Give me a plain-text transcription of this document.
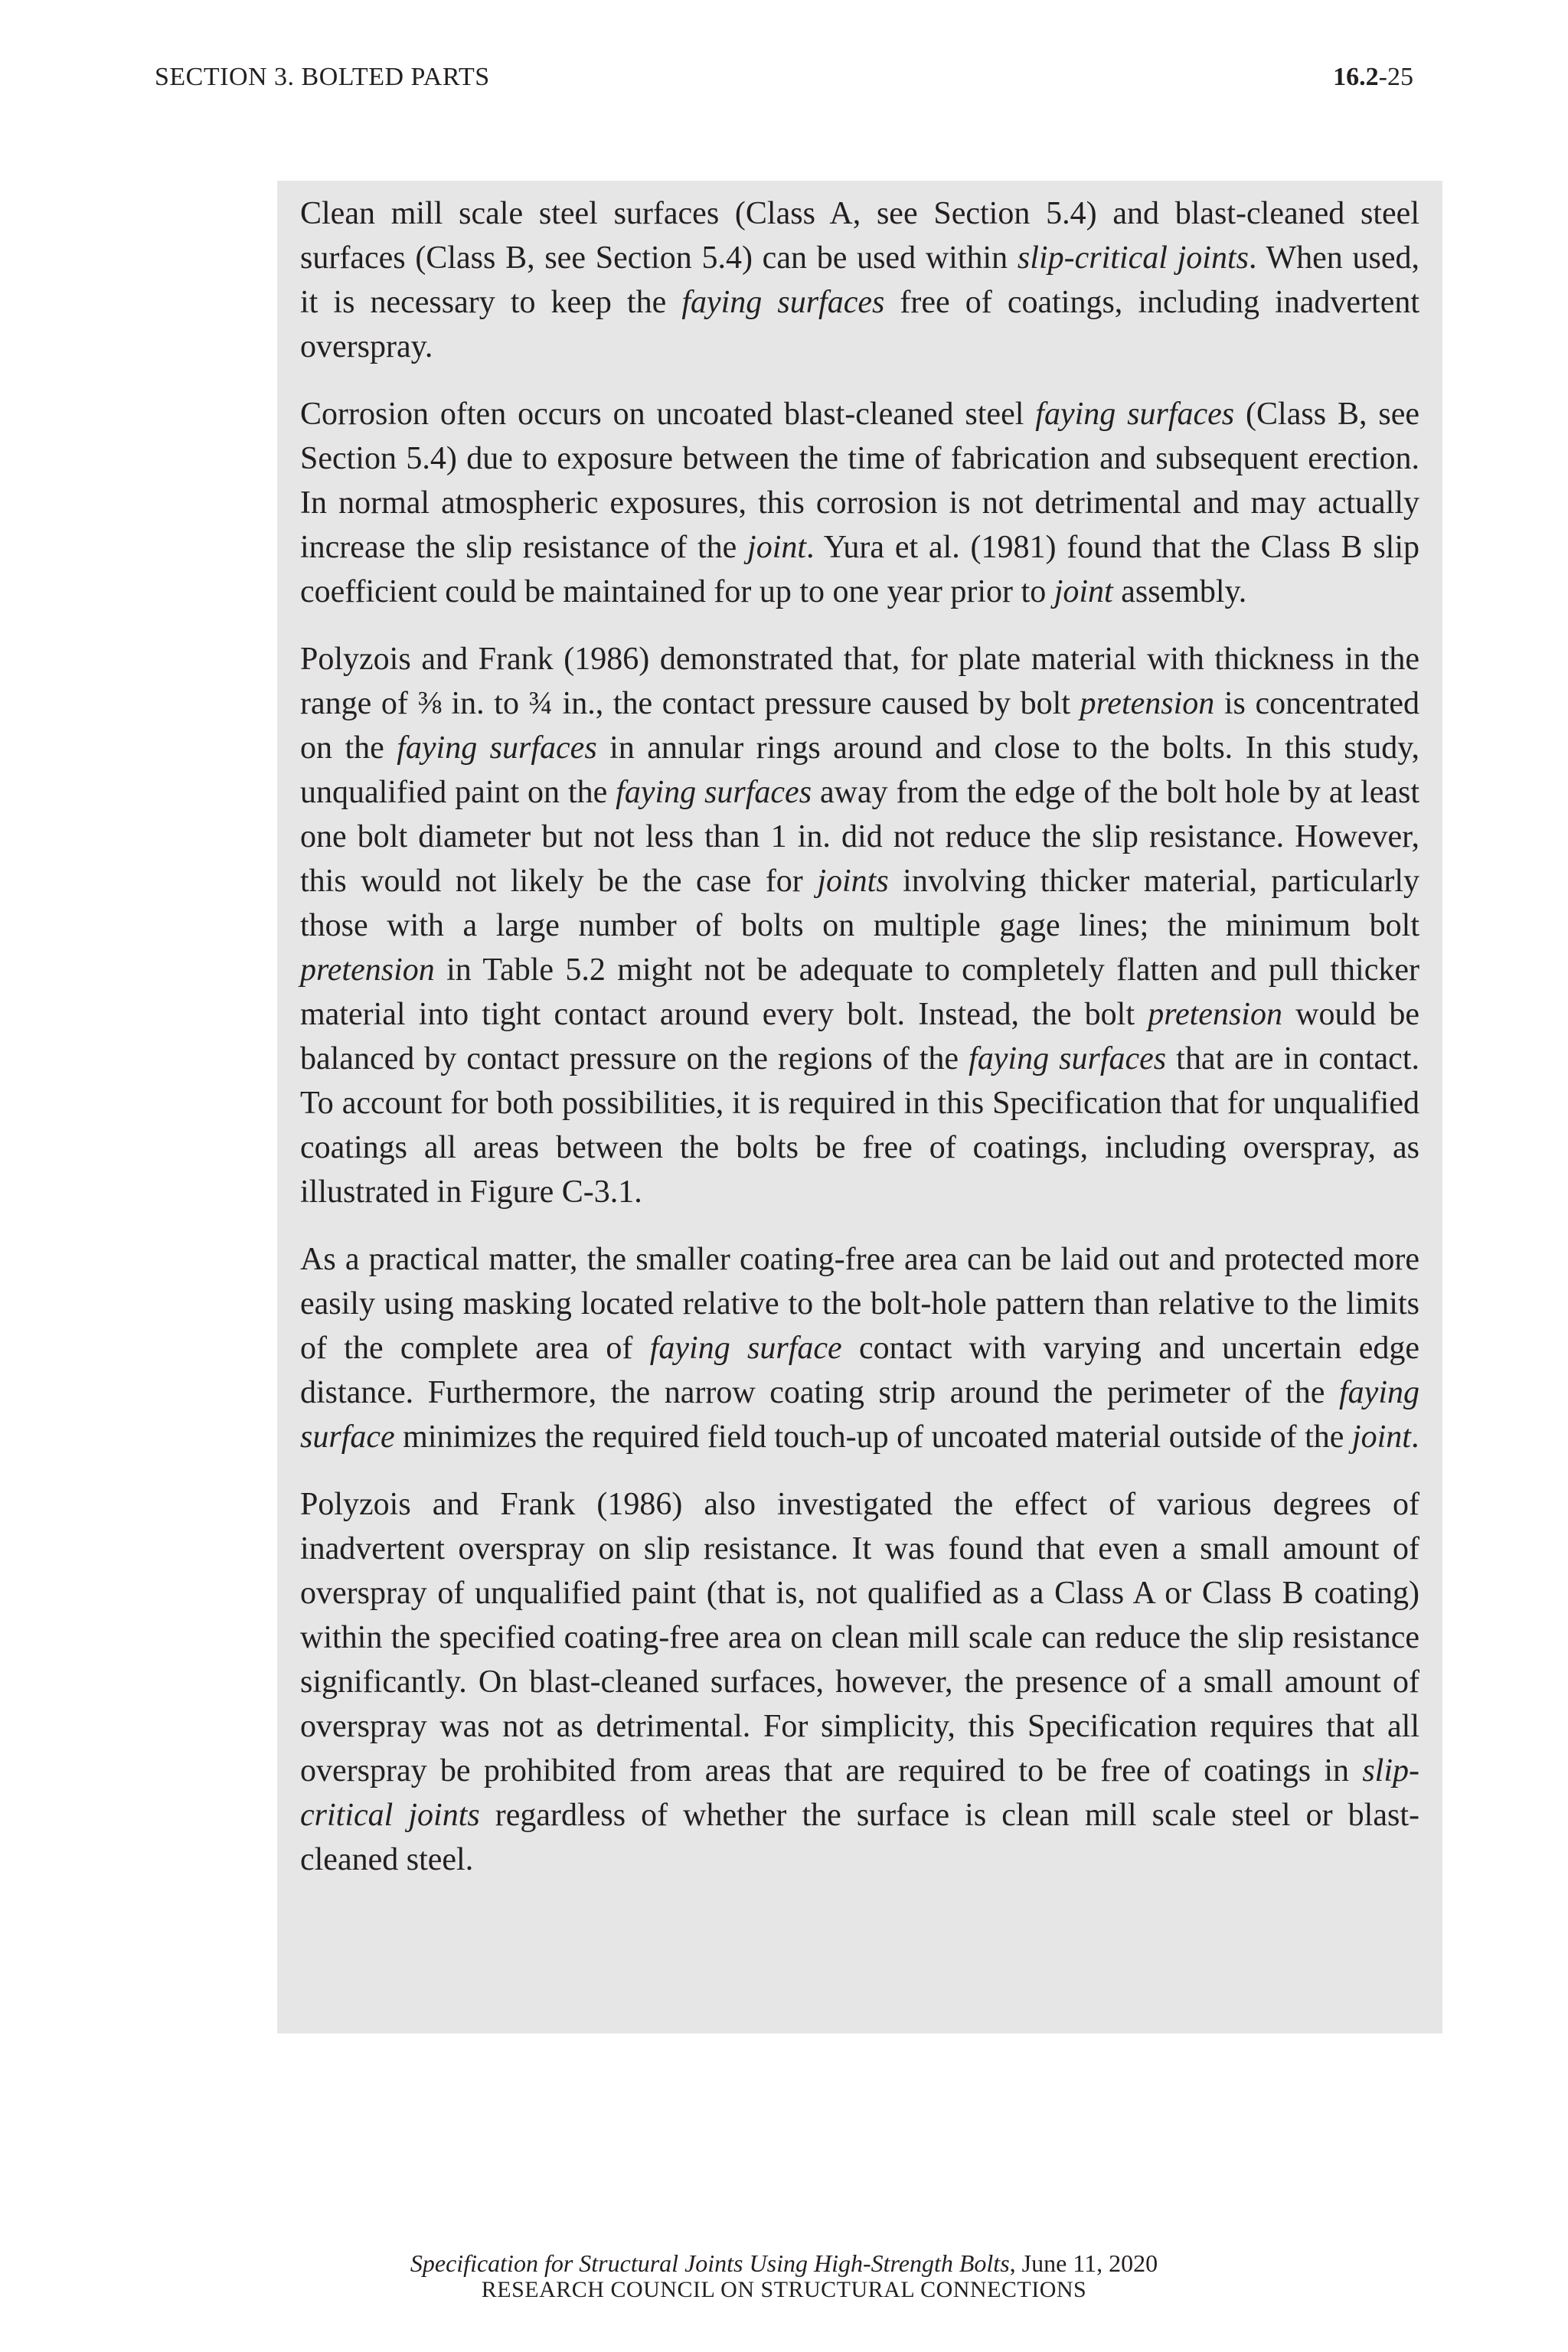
SECTION 3. BOLTED PARTS	16.2-25

Clean mill scale steel surfaces (Class A, see Section 5.4) and blast-cleaned steel surfaces (Class B, see Section 5.4) can be used within slip-critical joints. When used, it is necessary to keep the faying surfaces free of coatings, including inadvertent overspray.

Corrosion often occurs on uncoated blast-cleaned steel faying surfaces (Class B, see Section 5.4) due to exposure between the time of fabrication and subsequent erection. In normal atmospheric exposures, this corrosion is not detrimental and may actually increase the slip resistance of the joint. Yura et al. (1981) found that the Class B slip coefficient could be maintained for up to one year prior to joint assembly.

Polyzois and Frank (1986) demonstrated that, for plate material with thickness in the range of ⅜ in. to ¾ in., the contact pressure caused by bolt pretension is concentrated on the faying surfaces in annular rings around and close to the bolts. In this study, unqualified paint on the faying surfaces away from the edge of the bolt hole by at least one bolt diameter but not less than 1 in. did not reduce the slip resistance. However, this would not likely be the case for joints involving thicker material, particularly those with a large number of bolts on multiple gage lines; the minimum bolt pretension in Table 5.2 might not be adequate to completely flatten and pull thicker material into tight contact around every bolt. Instead, the bolt pretension would be balanced by contact pressure on the regions of the faying surfaces that are in contact. To account for both possibilities, it is required in this Specification that for unqualified coatings all areas between the bolts be free of coatings, including overspray, as illustrated in Figure C-3.1.

As a practical matter, the smaller coating-free area can be laid out and protected more easily using masking located relative to the bolt-hole pattern than relative to the limits of the complete area of faying surface contact with varying and uncertain edge distance. Furthermore, the narrow coating strip around the perimeter of the faying surface minimizes the required field touch-up of uncoated material outside of the joint.

Polyzois and Frank (1986) also investigated the effect of various degrees of inadvertent overspray on slip resistance. It was found that even a small amount of overspray of unqualified paint (that is, not qualified as a Class A or Class B coating) within the specified coating-free area on clean mill scale can reduce the slip resistance significantly. On blast-cleaned surfaces, however, the presence of a small amount of overspray was not as detrimental. For simplicity, this Specification requires that all overspray be prohibited from areas that are required to be free of coatings in slip-critical joints regardless of whether the surface is clean mill scale steel or blast-cleaned steel.

Specification for Structural Joints Using High-Strength Bolts, June 11, 2020
RESEARCH COUNCIL ON STRUCTURAL CONNECTIONS
